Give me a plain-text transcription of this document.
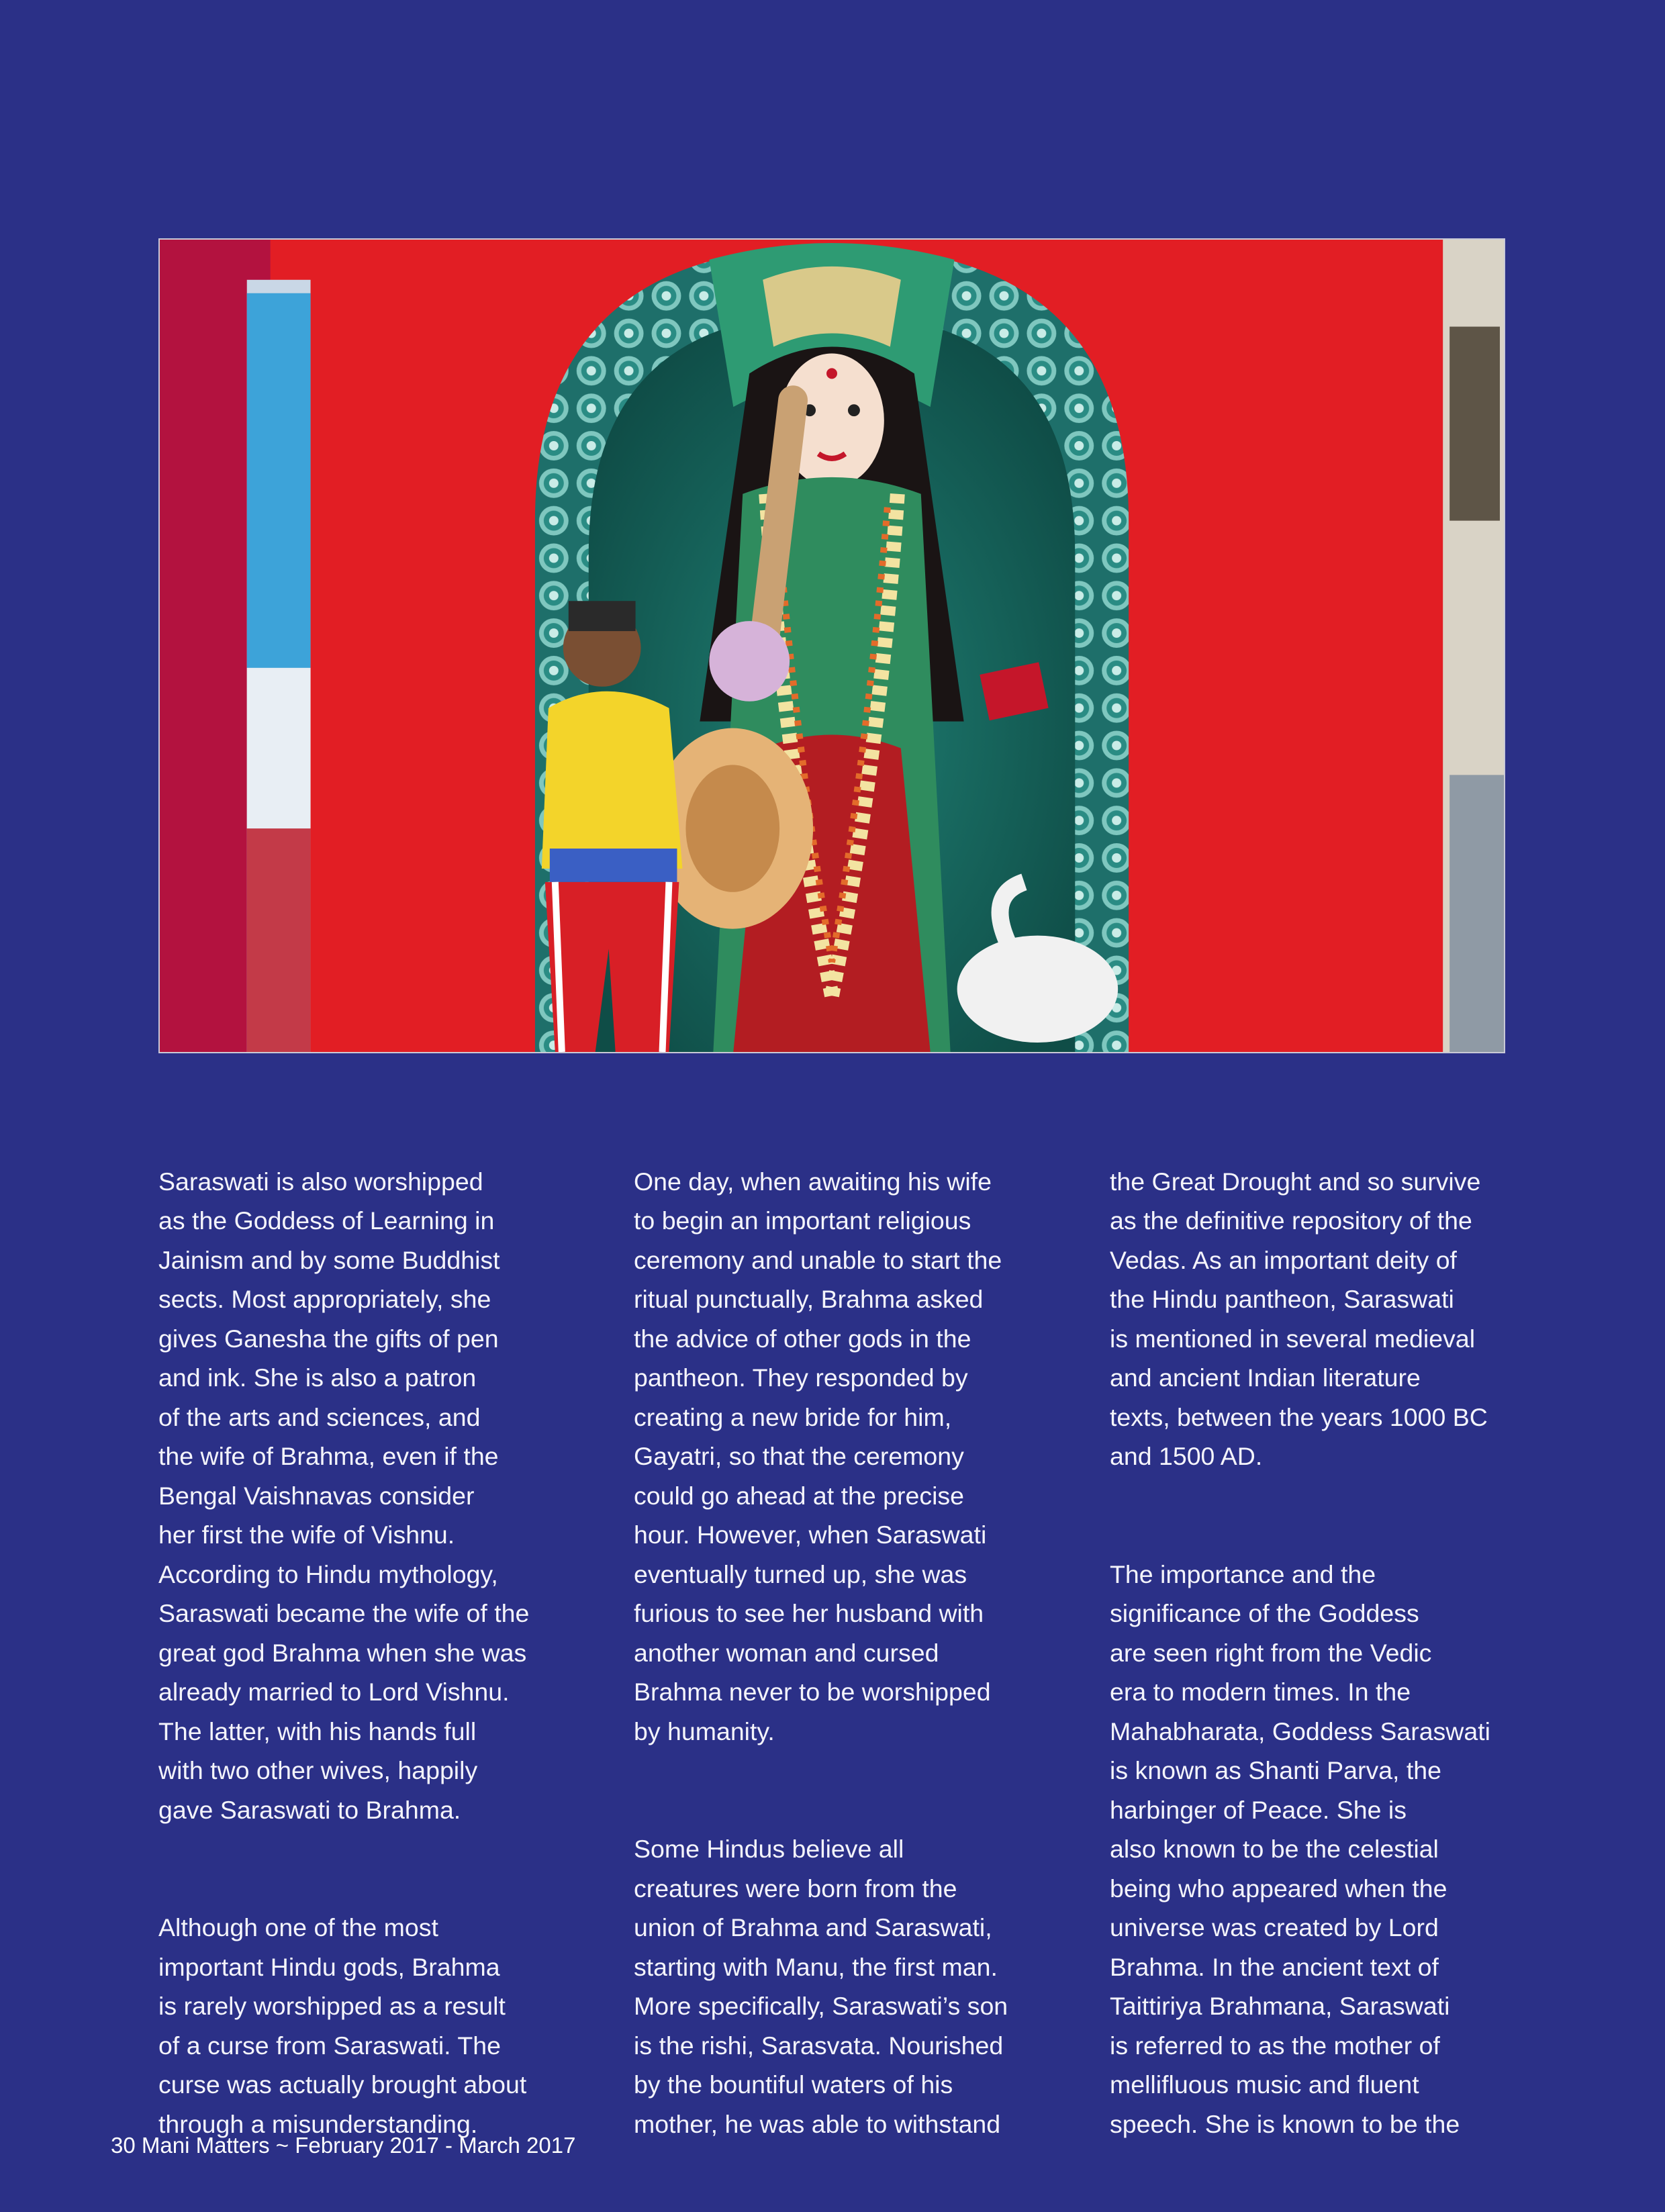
Saraswati is also worshipped
as the Goddess of Learning in
Jainism and by some Buddhist
sects. Most appropriately, she
gives Ganesha the gifts of pen
and ink. She is also a patron
of the arts and sciences, and
the wife of Brahma, even if the
Bengal Vaishnavas consider
her first the wife of Vishnu.
According to Hindu mythology,
Saraswati became the wife of the
great god Brahma when she was
already married to Lord Vishnu.
The latter, with his hands full
with two other wives, happily
gave Saraswati to Brahma.

Although one of the most
important Hindu gods, Brahma
is rarely worshipped as a result
of a curse from Saraswati. The
curse was actually brought about
through a misunderstanding.

One day, when awaiting his wife
to begin an important religious
ceremony and unable to start the
ritual punctually, Brahma asked
the advice of other gods in the
pantheon. They responded by
creating a new bride for him,
Gayatri, so that the ceremony
could go ahead at the precise
hour. However, when Saraswati
eventually turned up, she was
furious to see her husband with
another woman and cursed
Brahma never to be worshipped
by humanity.

Some Hindus believe all
creatures were born from the
union of Brahma and Saraswati,
starting with Manu, the first man.
More specifically, Saraswati’s son
is the rishi, Sarasvata. Nourished
by the bountiful waters of his
mother, he was able to withstand

the Great Drought and so survive
as the definitive repository of the
Vedas. As an important deity of
the Hindu pantheon, Saraswati
is mentioned in several medieval
and ancient Indian literature
texts, between the years 1000 BC
and 1500 AD.

The importance and the
significance of the Goddess
are seen right from the Vedic
era to modern times. In the
Mahabharata, Goddess Saraswati
is known as Shanti Parva, the
harbinger of Peace. She is
also known to be the celestial
being who appeared when the
universe was created by Lord
Brahma. In the ancient text of
Taittiriya Brahmana, Saraswati
is referred to as the mother of
mellifluous music and fluent
speech. She is known to be the

30 Mani Matters ~ February 2017 - March 2017
